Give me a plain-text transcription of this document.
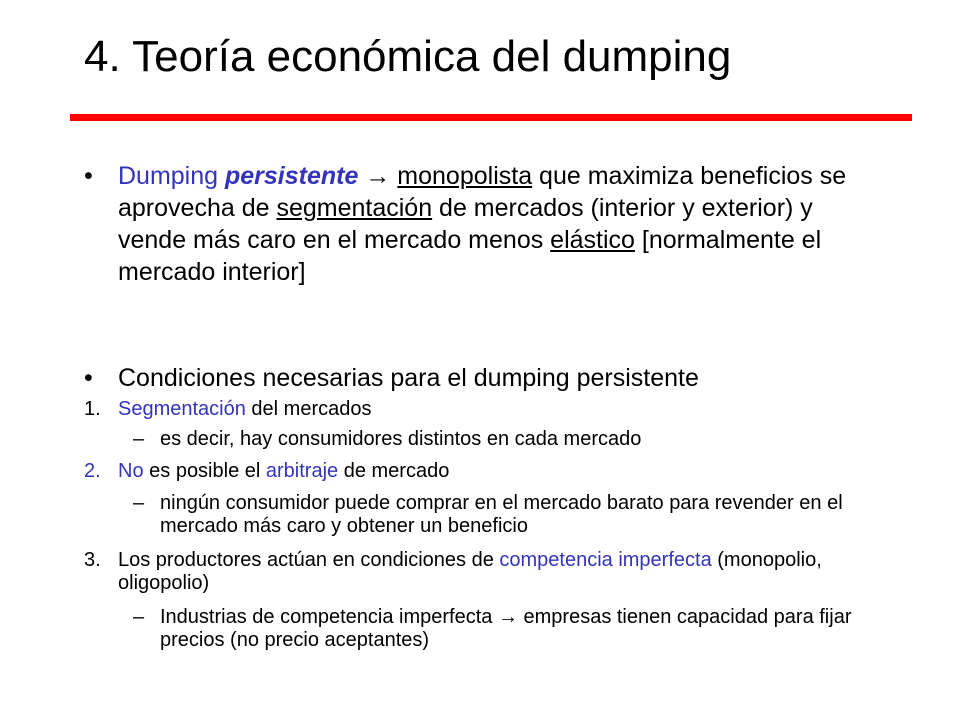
4. Teoría económica del dumping
• Dumping persistente → monopolista que maximiza beneficios se aprovecha de segmentación de mercados (interior y exterior) y vende más caro en el mercado menos elástico [normalmente el mercado interior]
• Condiciones necesarias para el dumping persistente
1. Segmentación del mercados
– es decir, hay consumidores distintos en cada mercado
2. No es posible el arbitraje de mercado
– ningún consumidor puede comprar en el mercado barato para revender en el mercado más caro y obtener un beneficio
3. Los productores actúan en condiciones de competencia imperfecta (monopolio, oligopolio)
– Industrias de competencia imperfecta → empresas tienen capacidad para fijar precios (no precio aceptantes)
